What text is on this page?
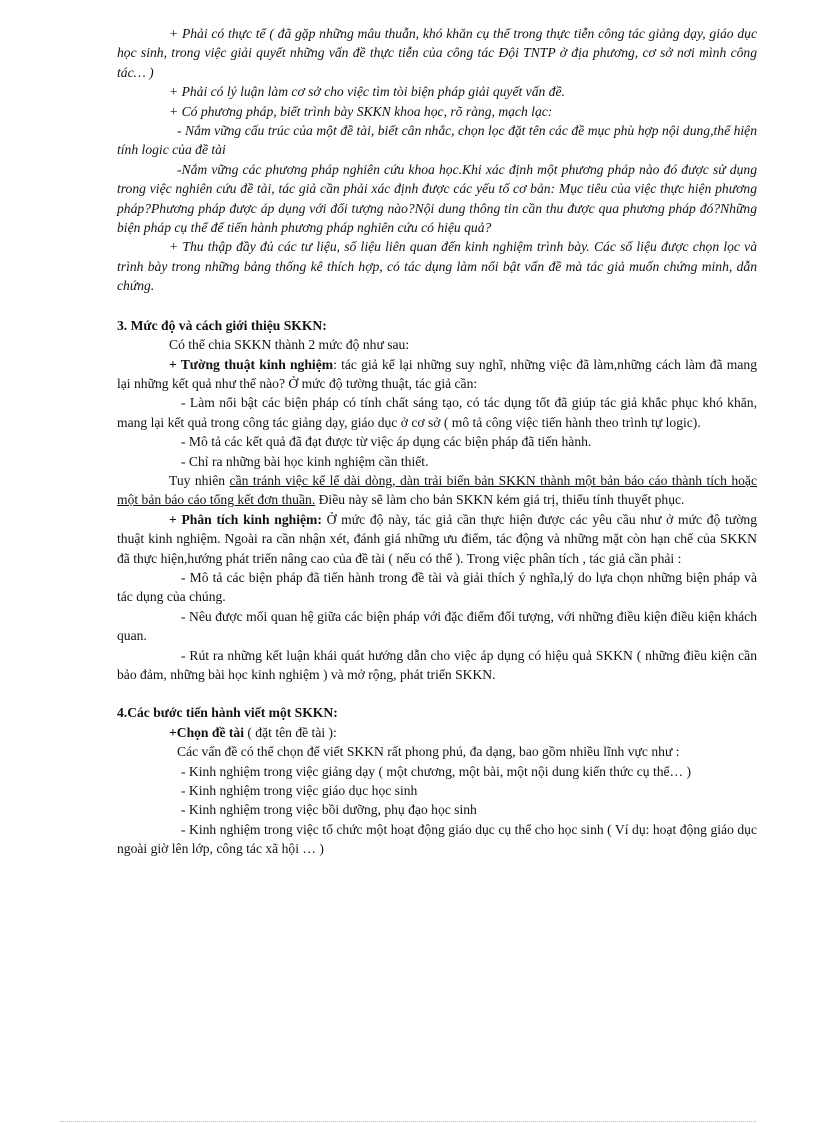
+ Phải có thực tế ( đã gặp những mâu thuẫn, khó khăn cụ thể trong thực tiễn công tác giảng dạy, giáo dục học sinh, trong việc giải quyết những vấn đề thực tiễn của công tác Đội TNTP ở địa phương, cơ sở nơi mình công tác… )

+ Phải có lý luận làm cơ sở cho việc tìm tòi biện pháp giải quyết vấn đề.

+ Có phương pháp, biết trình bày SKKN khoa học, rõ ràng, mạch lạc:

- Nắm vững cấu trúc của một đề tài, biết cân nhắc, chọn lọc đặt tên các đề mục phù hợp nội dung,thể hiện tính logic của đề tài

-Nắm vững các phương pháp nghiên cứu khoa học.Khi xác định một phương pháp nào đó được sử dụng trong việc nghiên cứu đề tài, tác giả cần phải xác định được các yếu tố cơ bản: Mục tiêu của việc thực hiện phương pháp?Phương pháp được áp dụng với đối tượng nào?Nội dung thông tin cần thu được qua phương pháp đó?Những biện pháp cụ thể để tiến hành phương pháp nghiên cứu có hiệu quả?

+ Thu thập đầy đủ các tư liệu, số liệu liên quan đến kinh nghiệm trình bày. Các số liệu được chọn lọc và trình bày trong những bảng thống kê thích hợp, có tác dụng làm nổi bật vấn đề mà tác giả muốn chứng minh, dẫn chứng.

3. Mức độ và cách giới thiệu SKKN:

Có thể chia SKKN thành 2 mức độ như sau:

+ Tường thuật kinh nghiệm: tác giả kể lại những suy nghĩ, những việc đã làm,những cách làm đã mang lại những kết quả như thế nào? Ở mức độ tường thuật, tác giả cần:

- Làm nổi bật các biện pháp có tính chất sáng tạo, có tác dụng tốt đã giúp tác giả khắc phục khó khăn, mang lại kết quả trong công tác giảng dạy, giáo dục ở cơ sở ( mô tả công việc tiến hành theo trình tự logic).

- Mô tả các kết quả đã đạt được từ việc áp dụng các biện pháp đã tiến hành.

- Chỉ ra những bài học kinh nghiệm cần thiết.

Tuy nhiên cần tránh việc kể lể dài dòng, dàn trải biến bản SKKN thành một bản báo cáo thành tích hoặc một bản báo cáo tổng kết đơn thuần. Điều này sẽ làm cho bản SKKN kém giá trị, thiếu tính thuyết phục.

+ Phân tích kinh nghiệm: Ở mức độ này, tác giả cần thực hiện được các yêu cầu như ở mức độ tường thuật kinh nghiệm. Ngoài ra cần nhận xét, đánh giá những ưu điểm, tác động và những mặt còn hạn chế của SKKN đã thực hiện,hướng phát triển nâng cao của đề tài ( nếu có thể ). Trong việc phân tích , tác giả cần phải :

- Mô tả các biện pháp đã tiến hành trong đề tài và giải thích ý nghĩa,lý do lựa chọn những biện pháp và tác dụng của chúng.

- Nêu được mối quan hệ giữa các biện pháp với đặc điểm đối tượng, với những điều kiện điều kiện khách quan.

- Rút ra những kết luận khái quát hướng dẫn cho việc áp dụng có hiệu quả SKKN ( những điều kiện cần bảo đảm, những bài học kinh nghiệm ) và mở rộng, phát triển SKKN.

4.Các bước tiến hành viết một SKKN:

+Chọn đề tài ( đặt tên đề tài ):

Các vấn đề có thể chọn để viết SKKN rất phong phú, đa dạng, bao gồm nhiều lĩnh vực như :

- Kinh nghiệm trong việc giảng dạy ( một chương, một bài, một nội dung kiến thức cụ thể… )

- Kinh nghiệm trong việc giáo dục học sinh

- Kinh nghiệm trong việc bồi dưỡng, phụ đạo học sinh

- Kinh nghiệm trong việc tổ chức một hoạt động giáo dục cụ thể cho học sinh ( Ví dụ: hoạt động giáo dục ngoài giờ lên lớp, công tác xã hội … )
